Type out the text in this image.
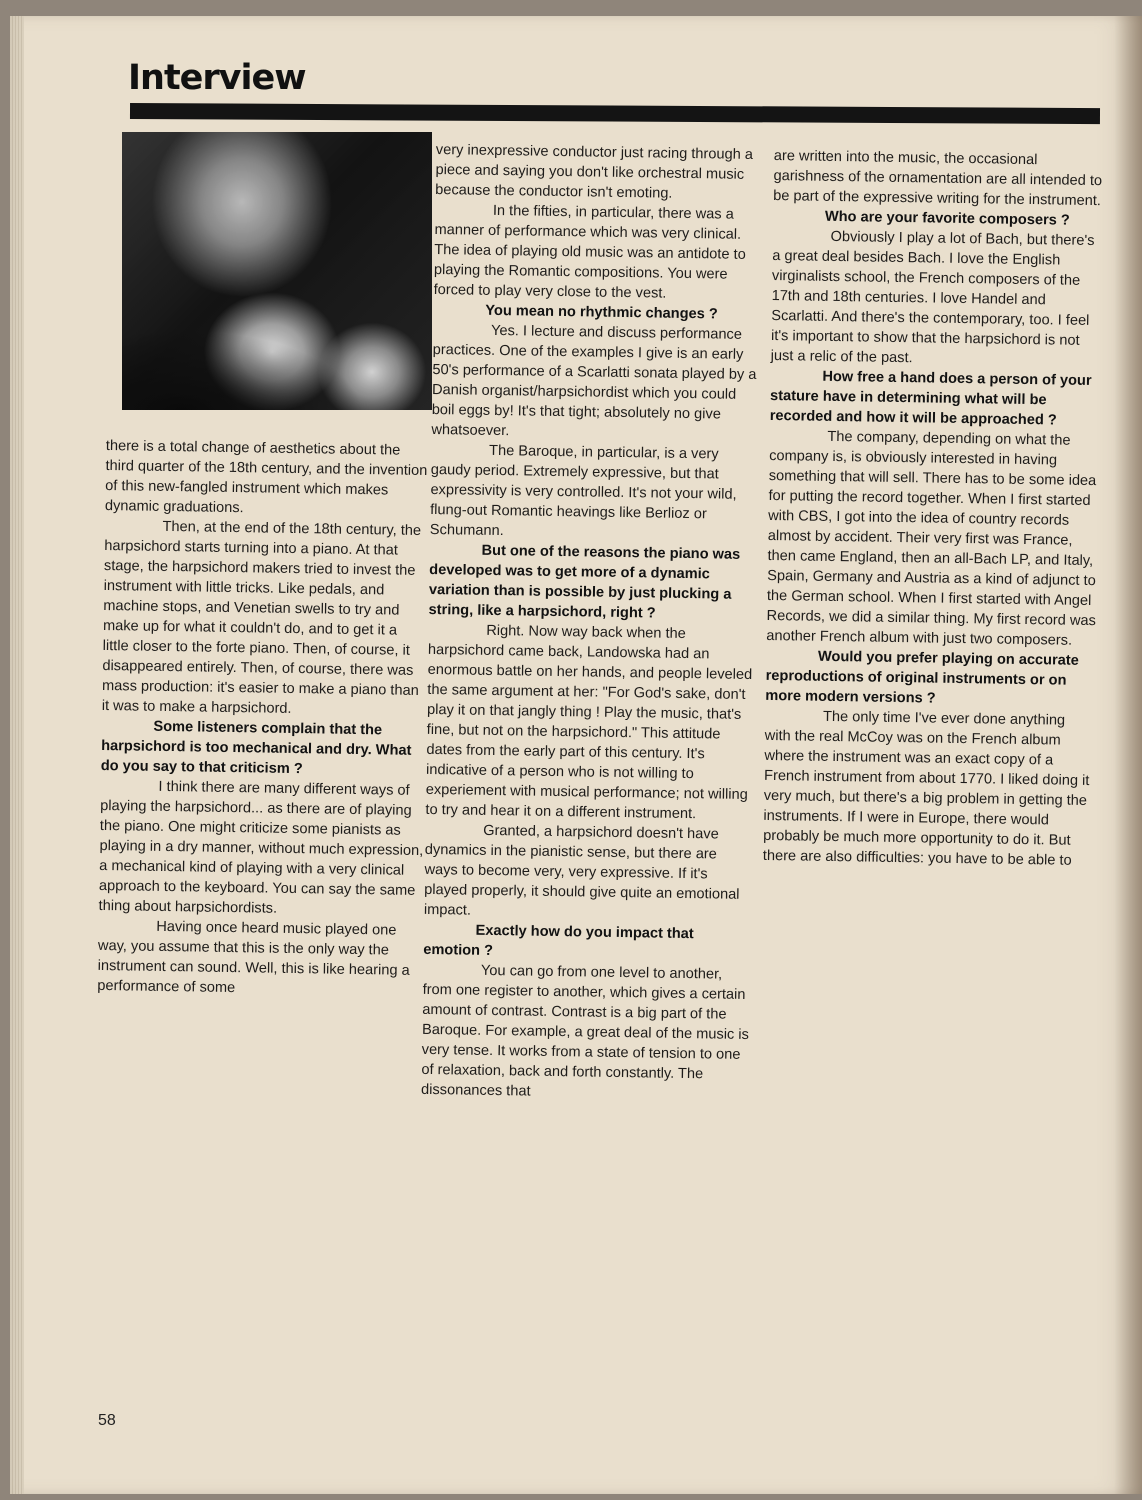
Interview

there is a total change of aesthetics about the third quarter of the 18th century, and the invention of this new-fangled instrument which makes dynamic graduations.

Then, at the end of the 18th century, the harpsichord starts turning into a piano. At that stage, the harpsichord makers tried to invest the instrument with little tricks. Like pedals, and machine stops, and Venetian swells to try and make up for what it couldn't do, and to get it a little closer to the forte piano. Then, of course, it disappeared entirely. Then, of course, there was mass production: it's easier to make a piano than it was to make a harpsichord.

Some listeners complain that the harpsichord is too mechanical and dry. What do you say to that criticism ?

I think there are many different ways of playing the harpsichord... as there are of playing the piano. One might criticize some pianists as playing in a dry manner, without much expression, a mechanical kind of playing with a very clinical approach to the keyboard. You can say the same thing about harpsichordists.

Having once heard music played one way, you assume that this is the only way the instrument can sound. Well, this is like hearing a performance of some

very inexpressive conductor just racing through a piece and saying you don't like orchestral music because the conductor isn't emoting.

In the fifties, in particular, there was a manner of performance which was very clinical. The idea of playing old music was an antidote to playing the Romantic compositions. You were forced to play very close to the vest.

You mean no rhythmic changes ?

Yes. I lecture and discuss performance practices. One of the examples I give is an early 50's performance of a Scarlatti sonata played by a Danish organist/harpsichordist which you could boil eggs by! It's that tight; absolutely no give whatsoever.

The Baroque, in particular, is a very gaudy period. Extremely expressive, but that expressivity is very controlled. It's not your wild, flung-out Romantic heavings like Berlioz or Schumann.

But one of the reasons the piano was developed was to get more of a dynamic variation than is possible by just plucking a string, like a harpsichord, right ?

Right. Now way back when the harpsichord came back, Landowska had an enormous battle on her hands, and people leveled the same argument at her: "For God's sake, don't play it on that jangly thing ! Play the music, that's fine, but not on the harpsichord." This attitude dates from the early part of this century. It's indicative of a person who is not willing to experiement with musical performance; not willing to try and hear it on a different instrument.

Granted, a harpsichord doesn't have dynamics in the pianistic sense, but there are ways to become very, very expressive. If it's played properly, it should give quite an emotional impact.

Exactly how do you impact that emotion ?

You can go from one level to another, from one register to another, which gives a certain amount of contrast. Contrast is a big part of the Baroque. For example, a great deal of the music is very tense. It works from a state of tension to one of relaxation, back and forth constantly. The dissonances that

are written into the music, the occasional garishness of the ornamentation are all intended to be part of the expressive writing for the instrument.

Who are your favorite composers ?

Obviously I play a lot of Bach, but there's a great deal besides Bach. I love the English virginalists school, the French composers of the 17th and 18th centuries. I love Handel and Scarlatti. And there's the contemporary, too. I feel it's important to show that the harpsichord is not just a relic of the past.

How free a hand does a person of your stature have in determining what will be recorded and how it will be approached ?

The company, depending on what the company is, is obviously interested in having something that will sell. There has to be some idea for putting the record together. When I first started with CBS, I got into the idea of country records almost by accident. Their very first was France, then came England, then an all-Bach LP, and Italy, Spain, Germany and Austria as a kind of adjunct to the German school. When I first started with Angel Records, we did a similar thing. My first record was another French album with just two composers.

Would you prefer playing on accurate reproductions of original instruments or on more modern versions ?

The only time I've ever done anything with the real McCoy was on the French album where the instrument was an exact copy of a French instrument from about 1770. I liked doing it very much, but there's a big problem in getting the instruments. If I were in Europe, there would probably be much more opportunity to do it. But there are also difficulties: you have to be able to

58
